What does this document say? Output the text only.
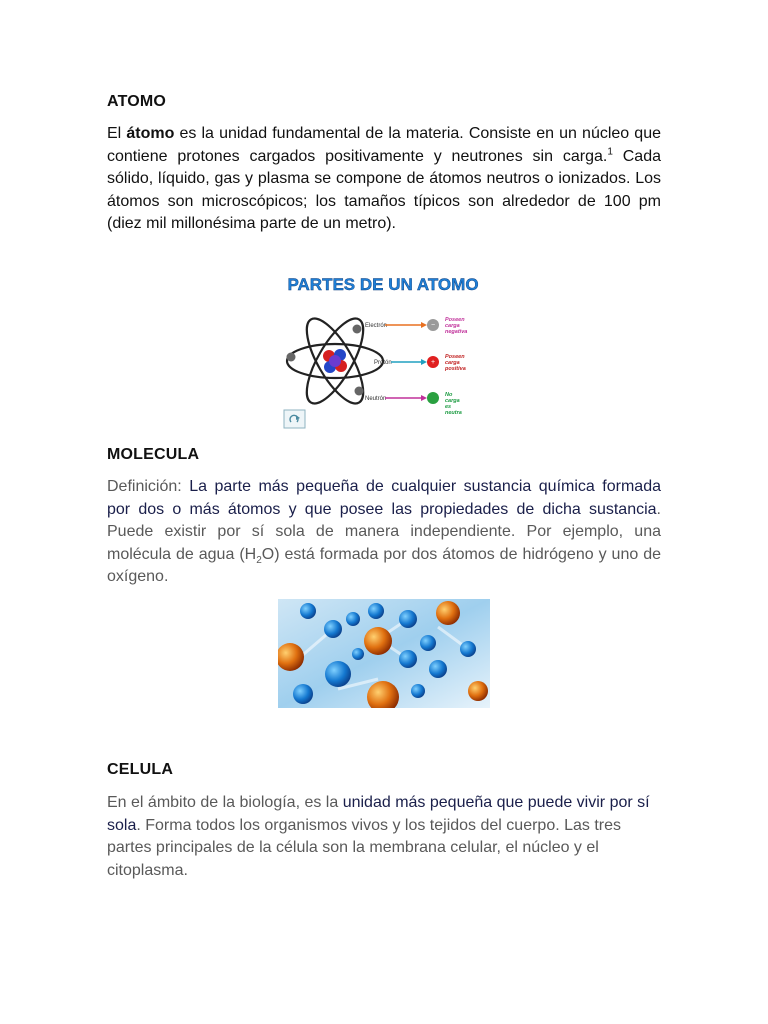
ATOMO

El átomo es la unidad fundamental de la materia. Consiste en un núcleo que contiene protones cargados positivamente y neutrones sin carga.$^1$ Cada sólido, líquido, gas y plasma se compone de átomos neutros o ionizados. Los átomos son microscópicos; los tamaños típicos son alrededor de 100 pm (diez mil millonésima parte de un metro).

PARTES DE UN ATOMO
Electrón	−
Protón	+
Neutrón
Poseen
carga
negativa
Poseen
carga
positiva
No
carga
es
neutra
MOLECULA

Definición: La parte más pequeña de cualquier sustancia química formada por dos o más átomos y que posee las propiedades de dicha sustancia. Puede existir por sí sola de manera independiente. Por ejemplo, una molécula de agua $(H_2O)$ está formada por dos átomos de hidrógeno y uno de oxígeno.

CELULA

En el ámbito de la biología, es la unidad más pequeña que puede vivir por sí sola. Forma todos los organismos vivos y los tejidos del cuerpo. Las tres partes principales de la célula son la membrana celular, el núcleo y el citoplasma.
